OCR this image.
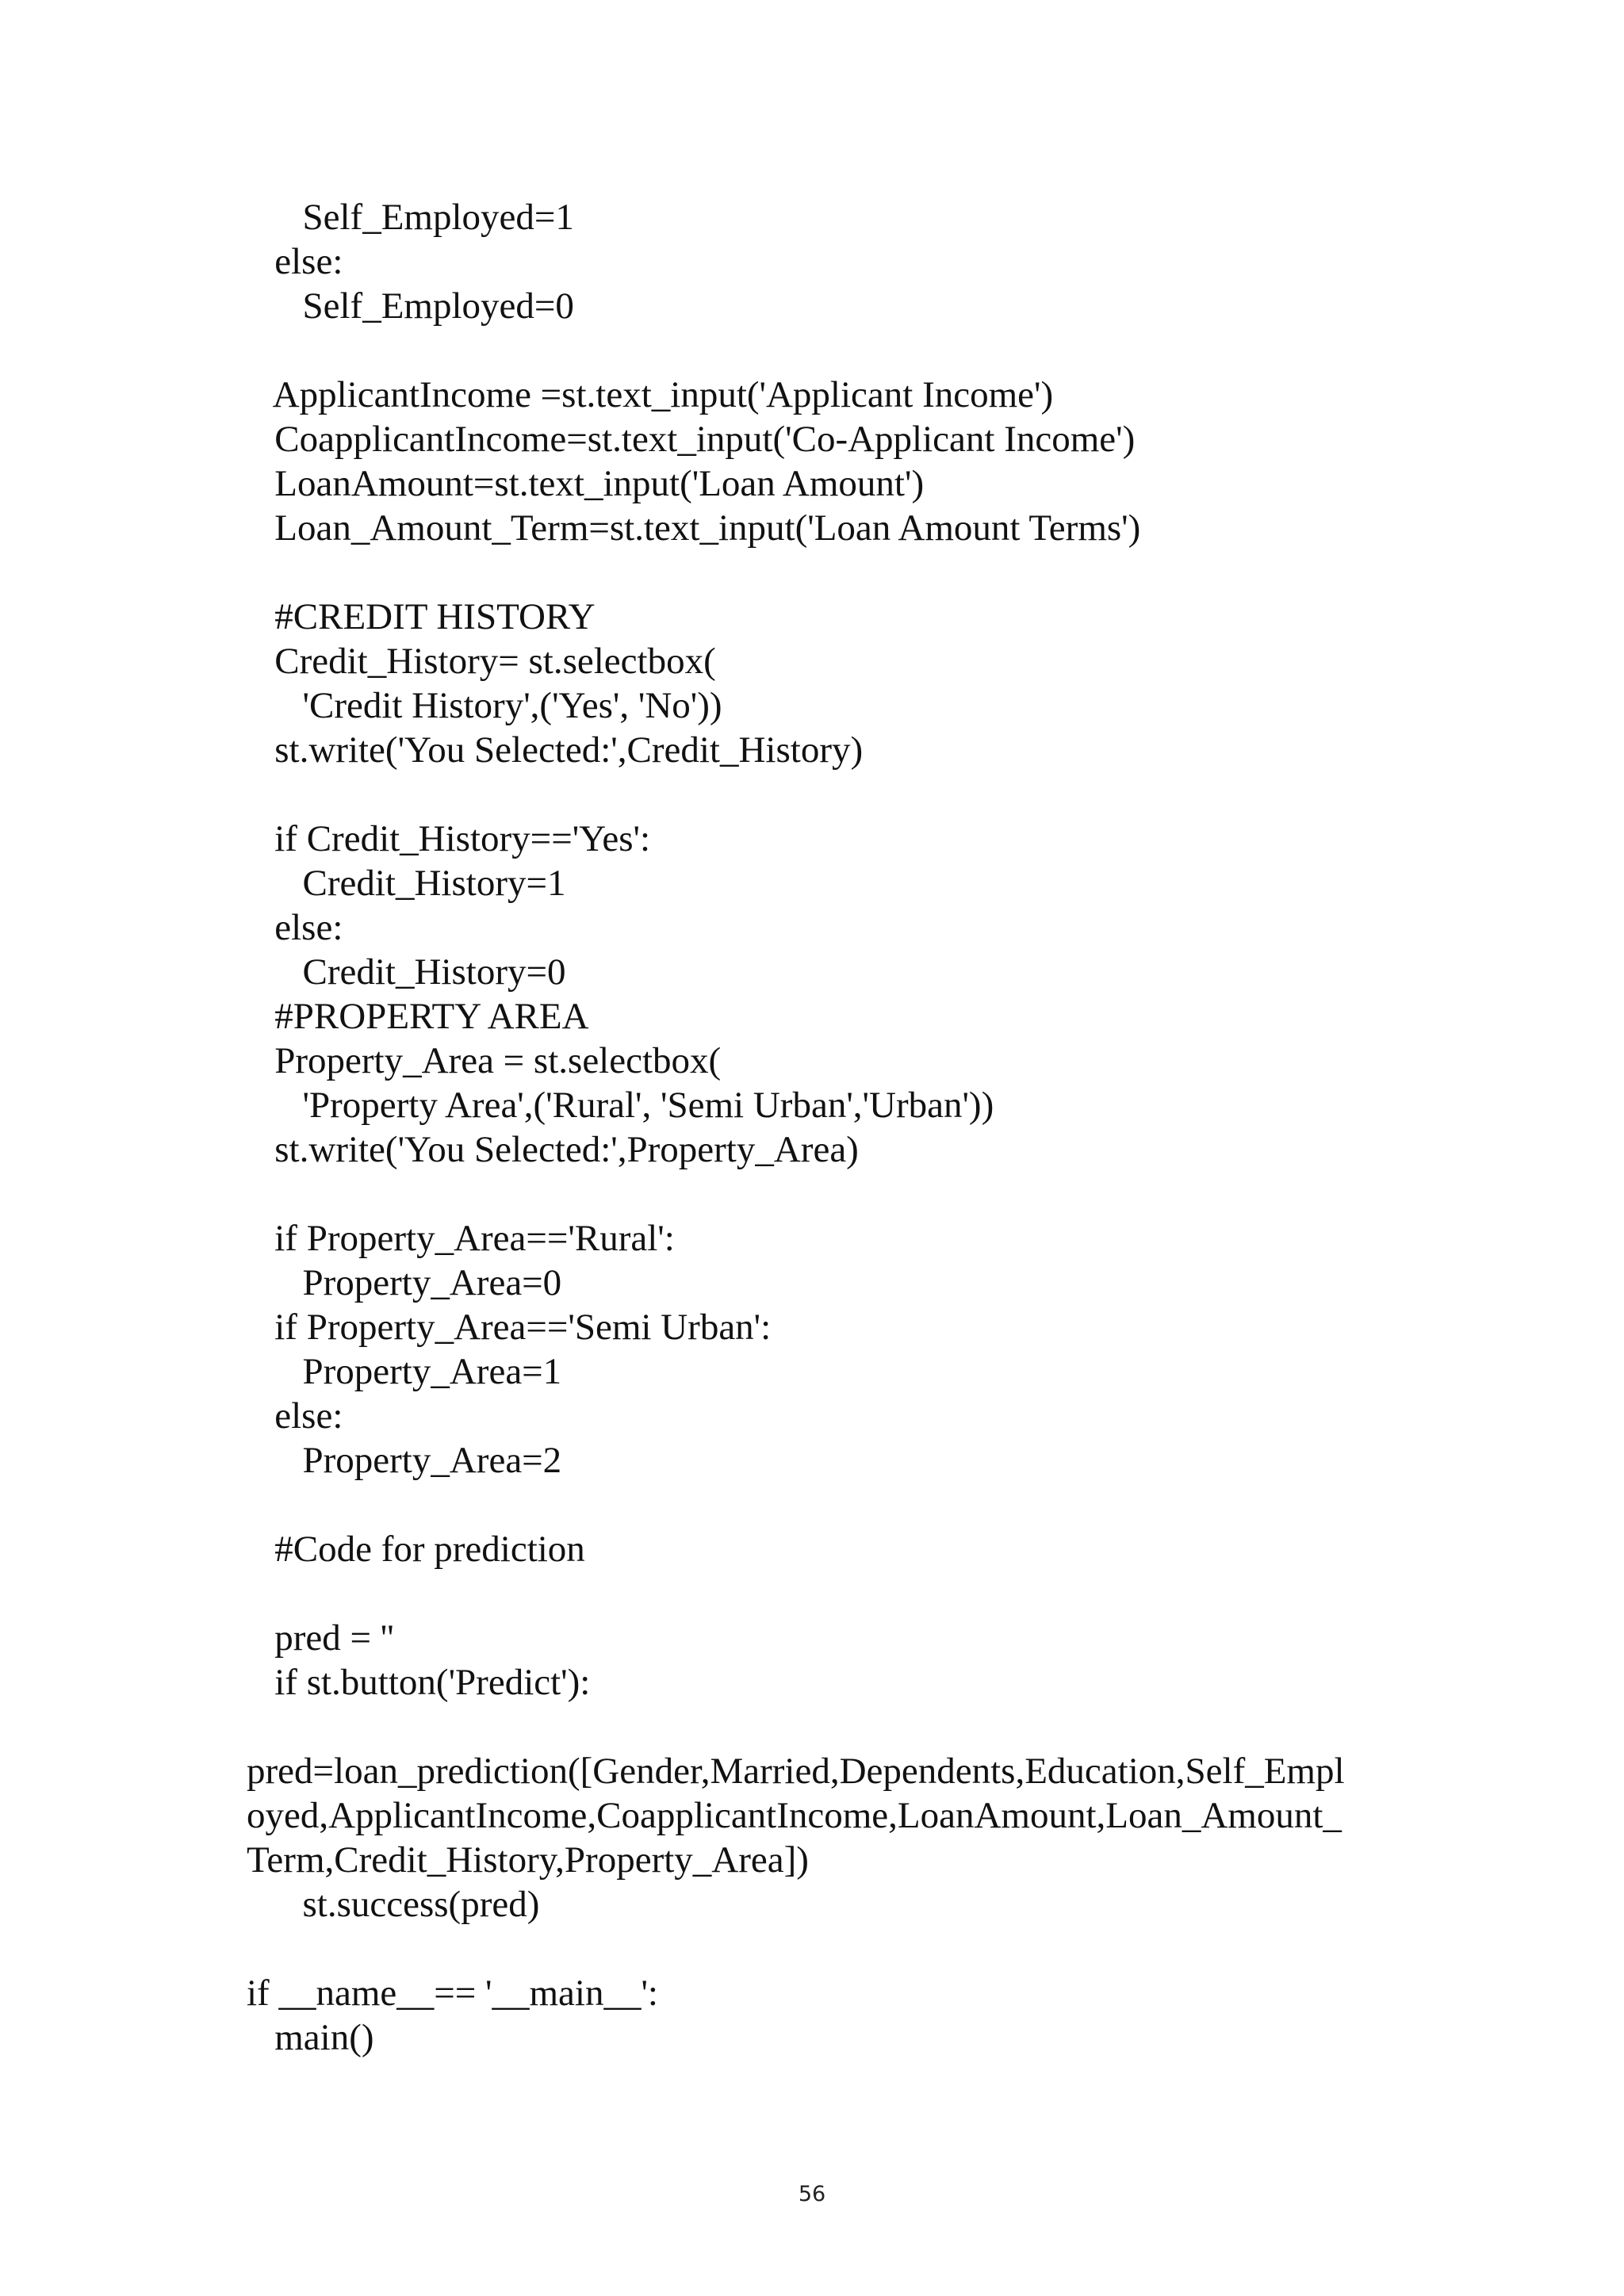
Self_Employed=1
else:
Self_Employed=0
ApplicantIncome =st.text_input('Applicant Income')
CoapplicantIncome=st.text_input('Co-Applicant Income')
LoanAmount=st.text_input('Loan Amount')
Loan_Amount_Term=st.text_input('Loan Amount Terms')
#CREDIT HISTORY
Credit_History= st.selectbox(
'Credit History',('Yes', 'No'))
st.write('You Selected:',Credit_History)
if Credit_History=='Yes':
Credit_History=1
else:
Credit_History=0
#PROPERTY AREA
Property_Area = st.selectbox(
'Property Area',('Rural', 'Semi Urban','Urban'))
st.write('You Selected:',Property_Area)
if Property_Area=='Rural':
Property_Area=0
if Property_Area=='Semi Urban':
Property_Area=1
else:
Property_Area=2
#Code for prediction
pred = ''
if st.button('Predict'):
pred=loan_prediction([Gender,Married,Dependents,Education,Self_Empl
oyed,ApplicantIncome,CoapplicantIncome,LoanAmount,Loan_Amount_
Term,Credit_History,Property_Area])
st.success(pred)
if __name__== '__main__':
main()
56
